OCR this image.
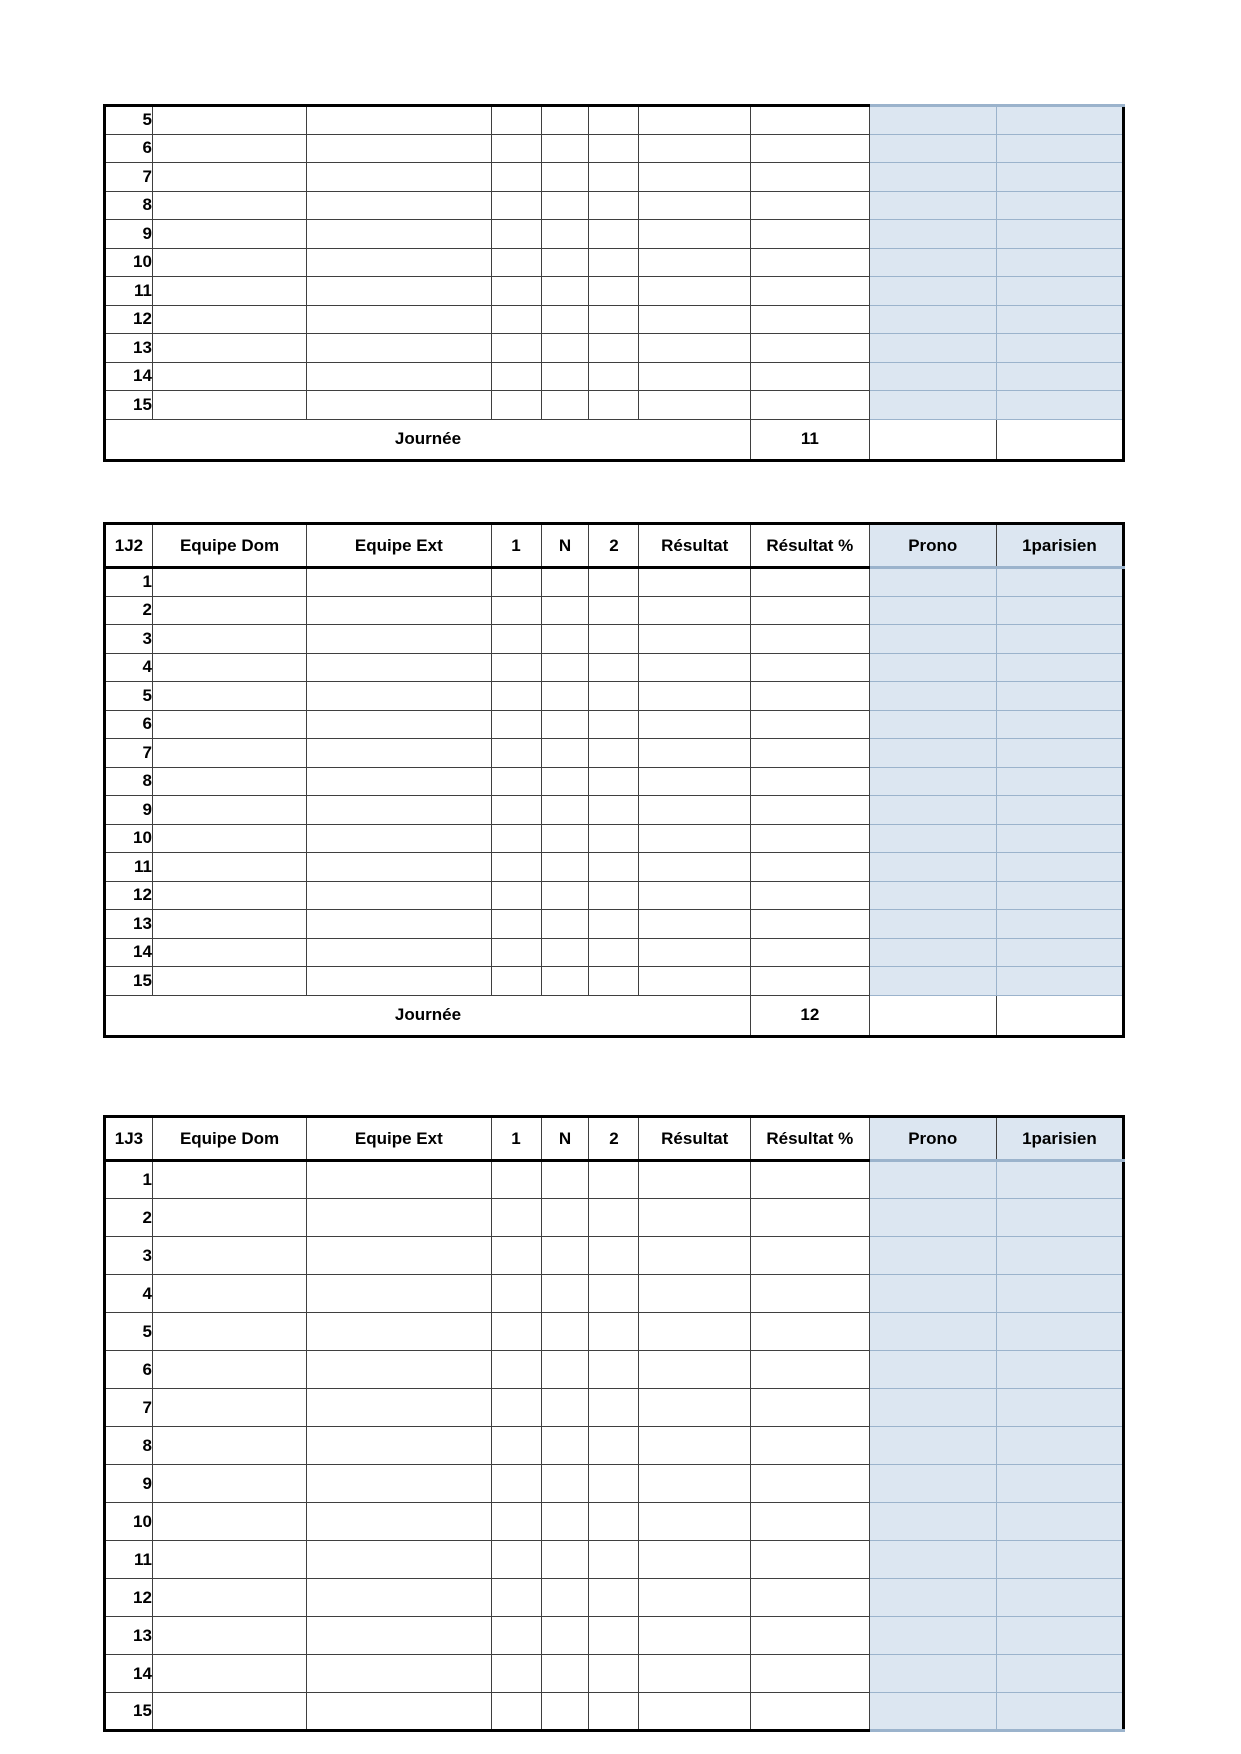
5									
6									
7									
8									
9									
10									
11									
12									
13									
14									
15									
Journée							11		
1J2	Equipe Dom	Equipe Ext	1	N	2	Résultat	Résultat %	Prono	1parisien
1									
2									
3									
4									
5									
6									
7									
8									
9									
10									
11									
12									
13									
14									
15									
Journée							12		
1J3	Equipe Dom	Equipe Ext	1	N	2	Résultat	Résultat %	Prono	1parisien
1									
2									
3									
4									
5									
6									
7									
8									
9									
10									
11									
12									
13									
14									
15									
